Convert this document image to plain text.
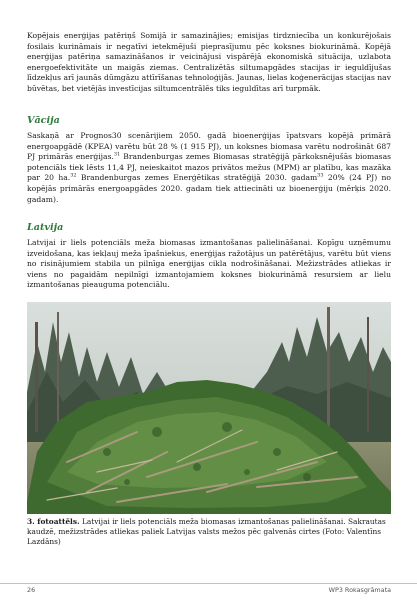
Kopējais enerģijas patēriņš Somijā ir samazinājies; emisijas tirdzniecība un konkurējošais fosilais kurināmais ir negatīvi ietekmējuši pieprasījumu pēc koksnes biokurināmā. Kopējā enerģijas patēriņa samazināšanos ir veicinājusi vispārējā ekonomiskā situācija, uzlabota energoefektivitāte un maigās ziemas. Centralizētās siltumapgādes stacijas ir ieguldījušas līdzekļus arī jaunās dūmgāzu attīrīšanas tehnoloģijās. Jaunas, lielas koģenerācijas stacijas nav būvētas, bet vietējās investīcijas siltumcentrālēs tiks ieguldītas arī turpmāk.

Vācija

Saskaņā ar Prognos30 scenārijiem 2050. gadā bioenerģijas īpatsvars kopējā primārā energoapgādē (KPEA) varētu būt 28 % (1 915 PJ), un koksnes biomasa varētu nodrošināt 687 PJ primārās enerģijas.$^{31}$ Brandenburgas zemes Biomasas stratēģijā pārkoksnējušās biomasas potenciāls tiek lēsts 11,4 PJ, neieskaitot mazos privātos mežus (MPM) ar platību, kas mazāka par 20 ha.$^{32}$ Brandenburgas zemes Enerģētikas stratēģijā 2030. gadam$^{33}$ 20% (24 PJ) no kopējās primārās energoapgādes 2020. gadam tiek attiecināti uz bioenerģiju (mērķis 2020. gadam).

Latvija

Latvijai ir liels potenciāls meža biomasas izmantošanas palielināšanai. Kopīgu uzņēmumu izveidošana, kas iekļauj meža īpašniekus, enerģijas ražotājus un patērētājus, varētu būt viens no risinājumiem stabila un pilnīga enerģijas cikla nodrošināšanai. Mežizstrādes atliekas ir viens no pagaidām nepilnīgi izmantojamiem koksnes biokurināmā resursiem ar lielu izmantošanas pieauguma potenciālu.

3. fotoattēls. Latvijai ir liels potenciāls meža biomasas izmantošanas palielināšanai. Sakrautas kaudzē, mežizstrādes atliekas paliek Latvijas valsts mežos pēc galvenās cirtes (Foto: Valentīns Lazdāns)

26	WP3 Rokasgrāmata
